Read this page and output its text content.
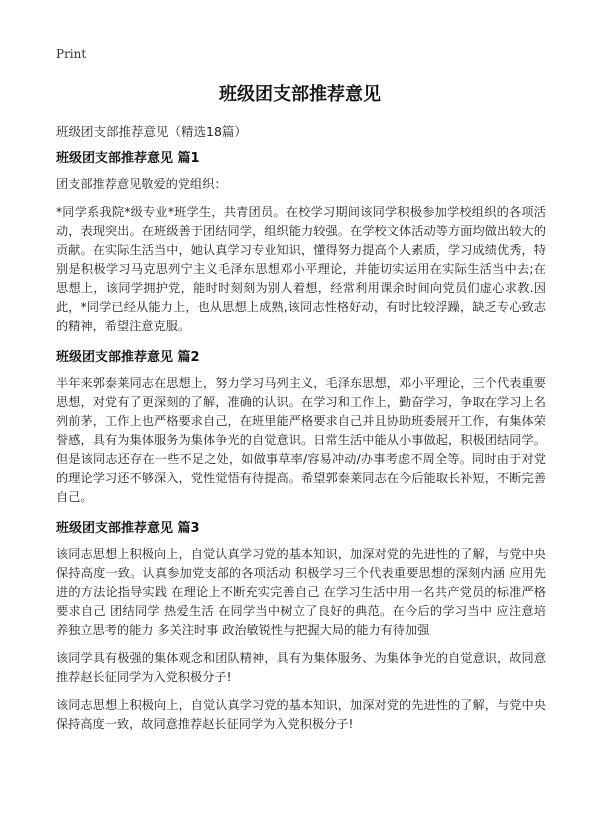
Print
班级团支部推荐意见
班级团支部推荐意见（精选18篇）
班级团支部推荐意见 篇1

团支部推荐意见敬爱的党组织：

*同学系我院*级专业*班学生，共青团员。在校学习期间该同学积极参加学校组织的各项活动，表现突出。在班级善于团结同学，组织能力较强。在学校文体活动等方面均做出较大的贡献。在实际生活当中，她认真学习专业知识，懂得努力提高个人素质，学习成绩优秀，特别是积极学习马克思列宁主义毛泽东思想邓小平理论，并能切实运用在实际生活当中去;在思想上，该同学拥护党，能时时刻刻为别人着想，经常利用课余时间向党员们虚心求教.因此，*同学已经从能力上，也从思想上成熟,该同志性格好动，有时比较浮躁，缺乏专心致志的精神，希望注意克服。

班级团支部推荐意见 篇2

半年来郭泰莱同志在思想上，努力学习马列主义，毛泽东思想，邓小平理论，三个代表重要思想，对党有了更深刻的了解，准确的认识。在学习和工作上，勤奋学习，争取在学习上名列前茅，工作上也严格要求自己，在班里能严格要求自己并且协助班委展开工作，有集体荣誉感，具有为集体服务为集体争光的自觉意识。日常生活中能从小事做起，积极团结同学。但是该同志还存在一些不足之处，如做事草率/容易冲动/办事考虑不周全等。同时由于对党的理论学习还不够深入，党性觉悟有待提高。希望郭泰莱同志在今后能取长补短，不断完善自己。

班级团支部推荐意见 篇3

该同志思想上积极向上，自觉认真学习党的基本知识，加深对党的先进性的了解，与党中央保持高度一致。认真参加党支部的各项活动 积极学习三个代表重要思想的深刻内涵 应用先进的方法论指导实践 在理论上不断充实完善自己 在学习生活中用一名共产党员的标准严格要求自己 团结同学 热爱生活 在同学当中树立了良好的典范。在今后的学习当中 应注意培养独立思考的能力 多关注时事 政治敏锐性与把握大局的能力有待加强

该同学具有极强的集体观念和团队精神，具有为集体服务、为集体争光的自觉意识，故同意推荐赵长征同学为入党积极分子!

该同志思想上积极向上，自觉认真学习党的基本知识，加深对党的先进性的了解，与党中央保持高度一致，故同意推荐赵长征同学为入党积极分子!
